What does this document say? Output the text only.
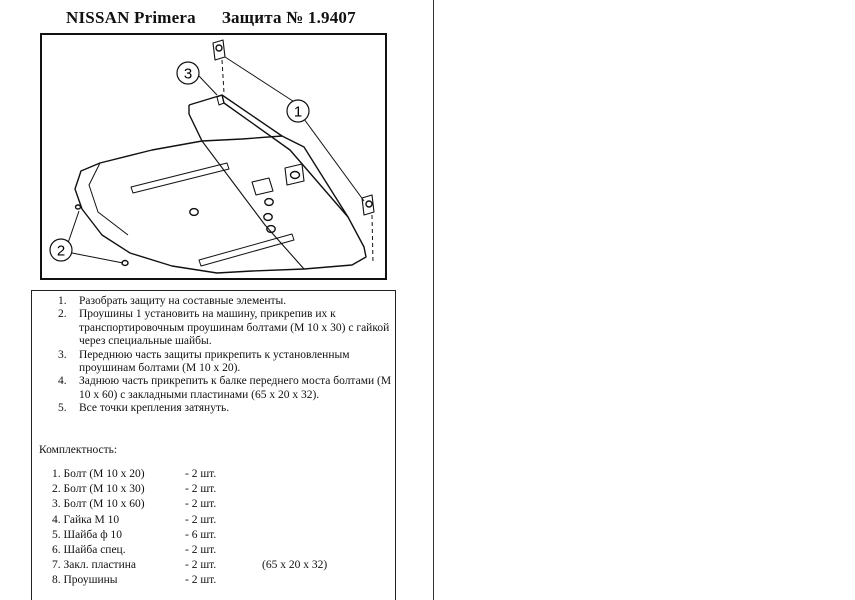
NISSAN Primera Защита № 1.9407
3
1
2
1. Разобрать защиту на составные элементы.
2. Проушины 1 установить на машину, прикрепив их к транспортировочным проушинам болтами (М 10 х 30) с гайкой через специальные шайбы.
3. Переднюю часть защиты прикрепить к установленным проушинам болтами (М 10 х 20).
4. Заднюю часть прикрепить к балке переднего моста болтами (М 10 х 60) с закладными пластинами (65 х 20 х 32).
5. Все точки крепления затянуть.
Комплектность:
1. Болт (М 10 х 20)	- 2 шт.
2. Болт (М 10 х 30)	- 2 шт.
3. Болт (М 10 х 60)	- 2 шт.
4. Гайка М 10	- 2 шт.
5. Шайба ф 10	- 6 шт.
6. Шайба спец.	- 2 шт.
7. Закл. пластина	- 2 шт.	(65 х 20 х 32)
8. Проушины	- 2 шт.
